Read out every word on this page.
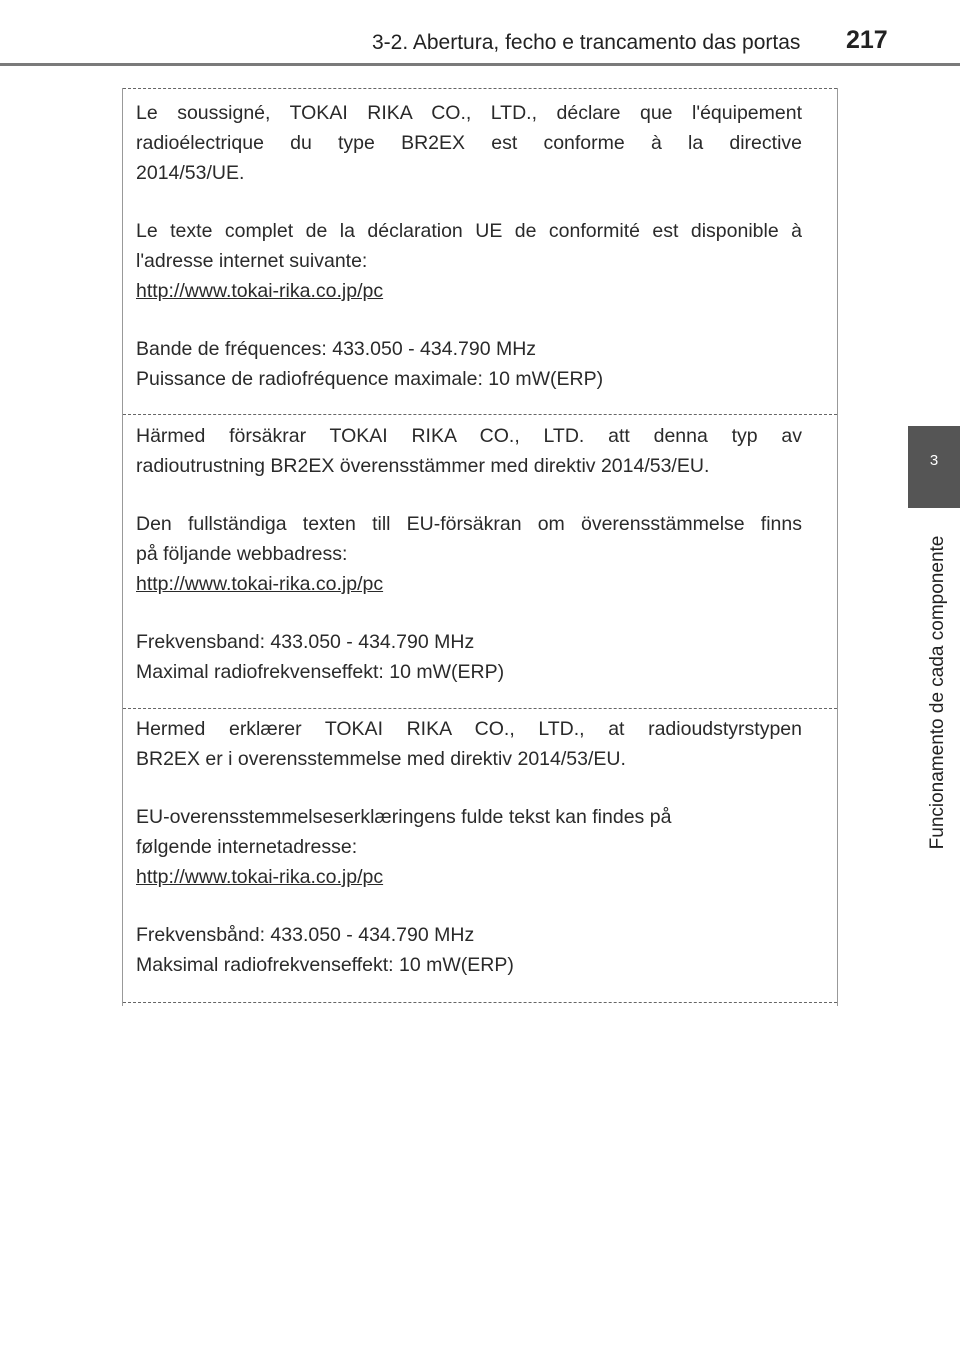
3-2. Abertura, fecho e trancamento das portas 217
3
Funcionamento de cada componente

Le soussigné, TOKAI RIKA CO., LTD., déclare que l'équipement

radioélectrique du type BR2EX est conforme à la directive

2014/53/UE.

Le texte complet de la déclaration UE de conformité est disponible à

l'adresse internet suivante:

http://www.tokai-rika.co.jp/pc

Bande de fréquences: 433.050 - 434.790 MHz

Puissance de radiofréquence maximale: 10 mW(ERP)

Härmed försäkrar TOKAI RIKA CO., LTD. att denna typ av

radioutrustning BR2EX överensstämmer med direktiv 2014/53/EU.

Den fullständiga texten till EU-försäkran om överensstämmelse finns

på följande webbadress:

http://www.tokai-rika.co.jp/pc

Frekvensband: 433.050 - 434.790 MHz

Maximal radiofrekvenseffekt: 10 mW(ERP)

Hermed erklærer TOKAI RIKA CO., LTD., at radioudstyrstypen

BR2EX er i overensstemmelse med direktiv 2014/53/EU.

EU-overensstemmelseserklæringens fulde tekst kan findes på

følgende internetadresse:

http://www.tokai-rika.co.jp/pc

Frekvensbånd: 433.050 - 434.790 MHz

Maksimal radiofrekvenseffekt: 10 mW(ERP)
